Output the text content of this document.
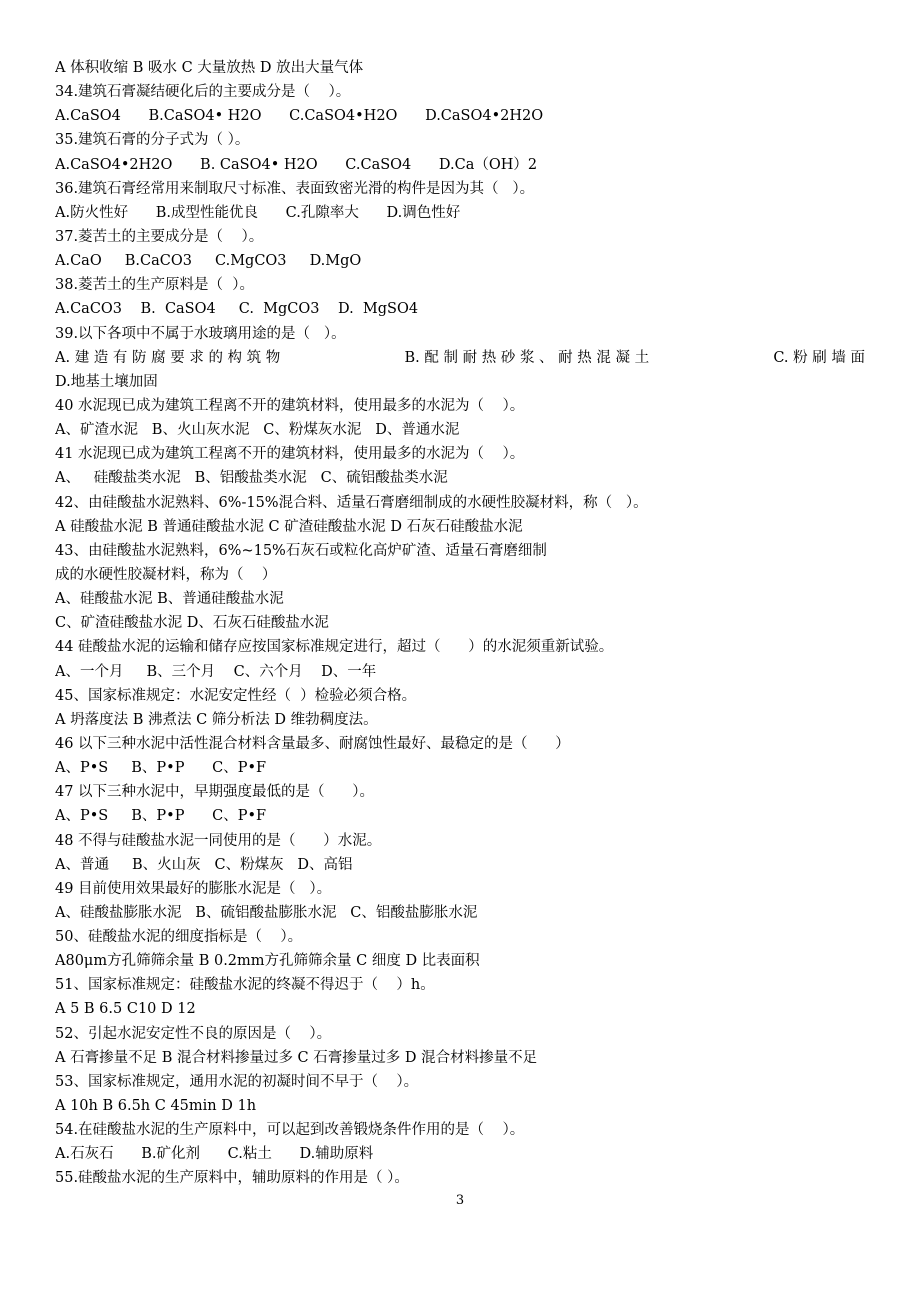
A 体积收缩 B 吸水 C 大量放热 D 放出大量气体
34.建筑石膏凝结硬化后的主要成分是（    ）。
A.CaSO4      B.CaSO4• H2O      C.CaSO4•H2O      D.CaSO4•2H2O
35.建筑石膏的分子式为（ ）。
A.CaSO4•2H2O      B. CaSO4• H2O      C.CaSO4      D.Ca（OH）2
36.建筑石膏经常用来制取尺寸标准、表面致密光滑的构件是因为其（   ）。
A.防火性好      B.成型性能优良      C.孔隙率大      D.调色性好
37.菱苦土的主要成分是（    ）。
A.CaO     B.CaCO3     C.MgCO3     D.MgO
38.菱苦土的生产原料是（  ）。
A.CaCO3    B.  CaSO4     C.  MgCO3    D.  MgSO4
39.以下各项中不属于水玻璃用途的是（   ）。
A. 建 造 有 防 腐 要 求 的 构 筑 物	B. 配 制 耐 热 砂 浆 、 耐 热 混 凝 土	C. 粉 刷 墙 面
D.地基土壤加固
40 水泥现已成为建筑工程离不开的建筑材料，使用最多的水泥为（    ）。
A、矿渣水泥   B、火山灰水泥   C、粉煤灰水泥   D、普通水泥
41 水泥现已成为建筑工程离不开的建筑材料，使用最多的水泥为（    ）。
A、   硅酸盐类水泥   B、铝酸盐类水泥   C、硫铝酸盐类水泥
42、由硅酸盐水泥熟料、6%-15%混合料、适量石膏磨细制成的水硬性胶凝材料，称（   ）。
A 硅酸盐水泥 B 普通硅酸盐水泥 C 矿渣硅酸盐水泥 D 石灰石硅酸盐水泥
43、由硅酸盐水泥熟料，6%~15%石灰石或粒化高炉矿渣、适量石膏磨细制
成的水硬性胶凝材料，称为（    ）
A、硅酸盐水泥 B、普通硅酸盐水泥
C、矿渣硅酸盐水泥 D、石灰石硅酸盐水泥
44 硅酸盐水泥的运输和储存应按国家标准规定进行，超过（      ）的水泥须重新试验。
A、一个月     B、三个月    C、六个月    D、一年
45、国家标准规定：水泥安定性经（  ）检验必须合格。
A 坍落度法 B 沸煮法 C 筛分析法 D 维勃稠度法。
46 以下三种水泥中活性混合材料含量最多、耐腐蚀性最好、最稳定的是（      ）
A、P•S     B、P•P      C、P•F
47 以下三种水泥中，早期强度最低的是（      ）。
A、P•S     B、P•P      C、P•F
48 不得与硅酸盐水泥一同使用的是（      ）水泥。
A、普通     B、火山灰   C、粉煤灰   D、高铝
49 目前使用效果最好的膨胀水泥是（   ）。
A、硅酸盐膨胀水泥   B、硫铝酸盐膨胀水泥   C、铝酸盐膨胀水泥
50、硅酸盐水泥的细度指标是（    ）。
A80μm方孔筛筛余量 B 0.2mm方孔筛筛余量 C 细度 D 比表面积
51、国家标准规定：硅酸盐水泥的终凝不得迟于（    ）h。
A 5 B 6.5 C10 D 12
52、引起水泥安定性不良的原因是（    ）。
A 石膏掺量不足 B 混合材料掺量过多 C 石膏掺量过多 D 混合材料掺量不足
53、国家标准规定，通用水泥的初凝时间不早于（    ）。
A 10h B 6.5h C 45min D 1h
54.在硅酸盐水泥的生产原料中，可以起到改善锻烧条件作用的是（    ）。
A.石灰石      B.矿化剂      C.粘土      D.辅助原料
55.硅酸盐水泥的生产原料中，辅助原料的作用是（ ）。
3
